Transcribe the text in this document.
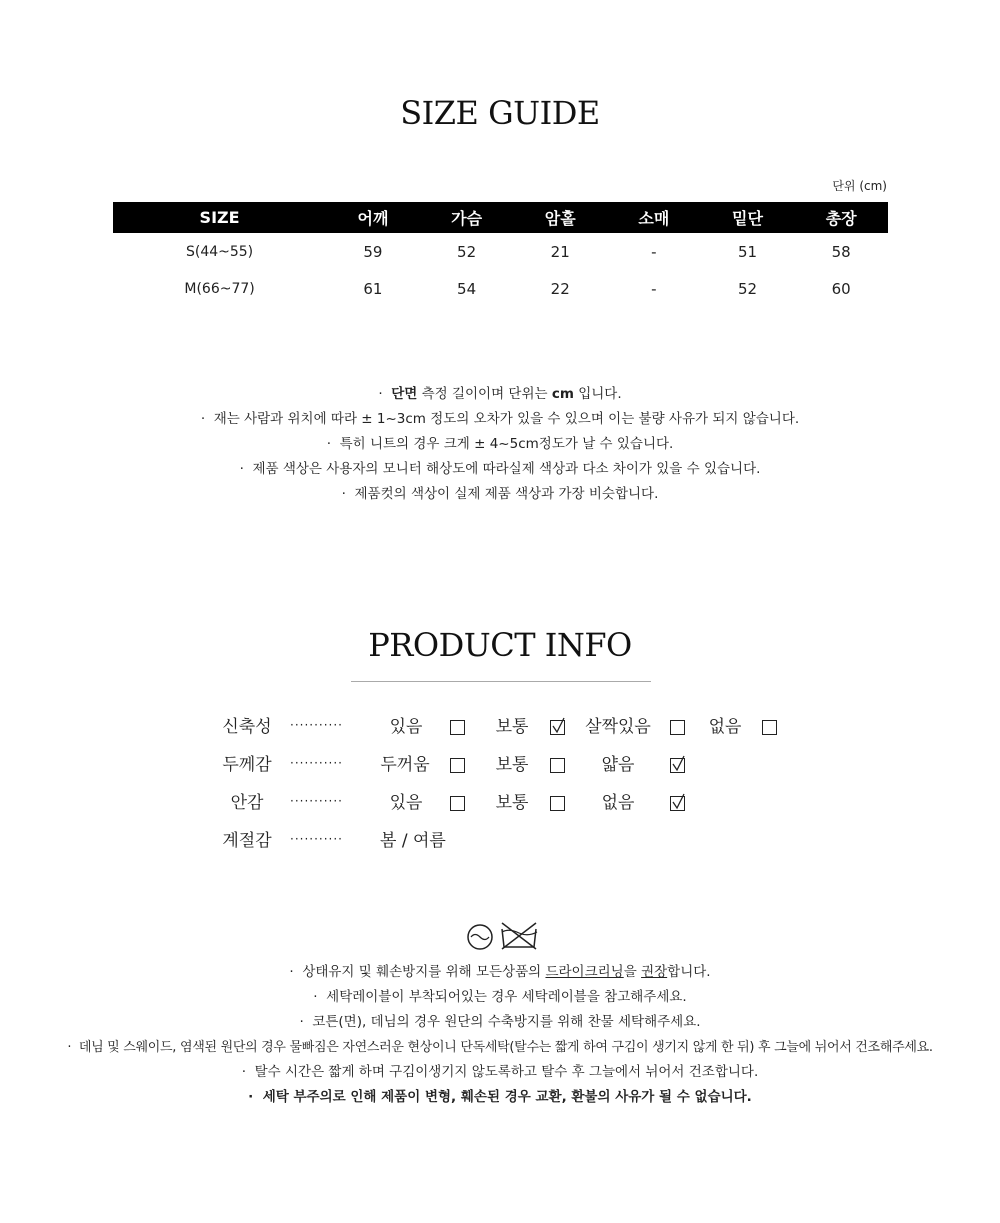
SIZE GUIDE
단위 (cm)
SIZE	어깨	가슴	암홀	소매	밑단	총장
S(44~55)	59	52	21	-	51	58
M(66~77)	61	54	22	-	52	60
· 단면 측정 길이이며 단위는 cm 입니다.
· 재는 사람과 위치에 따라 ± 1~3cm 정도의 오차가 있을 수 있으며 이는 불량 사유가 되지 않습니다.
· 특히 니트의 경우 크게 ± 4~5cm정도가 날 수 있습니다.
· 제품 색상은 사용자의 모니터 해상도에 따라실제 색상과 다소 차이가 있을 수 있습니다.
· 제품컷의 색상이 실제 제품 색상과 가장 비슷합니다.
PRODUCT INFO
신축성	···········	있음	보통	살짝있음	없음
두께감	··········· 두꺼움	보통	얇음
안감	···········	있음	보통	없음
계절감	··········· 봄 / 여름
· 상태유지 및 훼손방지를 위해 모든상품의 드라이크리닝을 권장합니다.
· 세탁레이블이 부착되어있는 경우 세탁레이블을 참고해주세요.
· 코튼(면), 데님의 경우 원단의 수축방지를 위해 찬물 세탁해주세요.
· 데님 및 스웨이드, 염색된 원단의 경우 물빠짐은 자연스러운 현상이니 단독세탁(탈수는 짧게 하여 구김이 생기지 않게 한 뒤) 후 그늘에 뉘어서 건조해주세요.
· 탈수 시간은 짧게 하며 구김이생기지 않도록하고 탈수 후 그늘에서 뉘어서 건조합니다.
· 세탁 부주의로 인해 제품이 변형, 훼손된 경우 교환, 환불의 사유가 될 수 없습니다.
